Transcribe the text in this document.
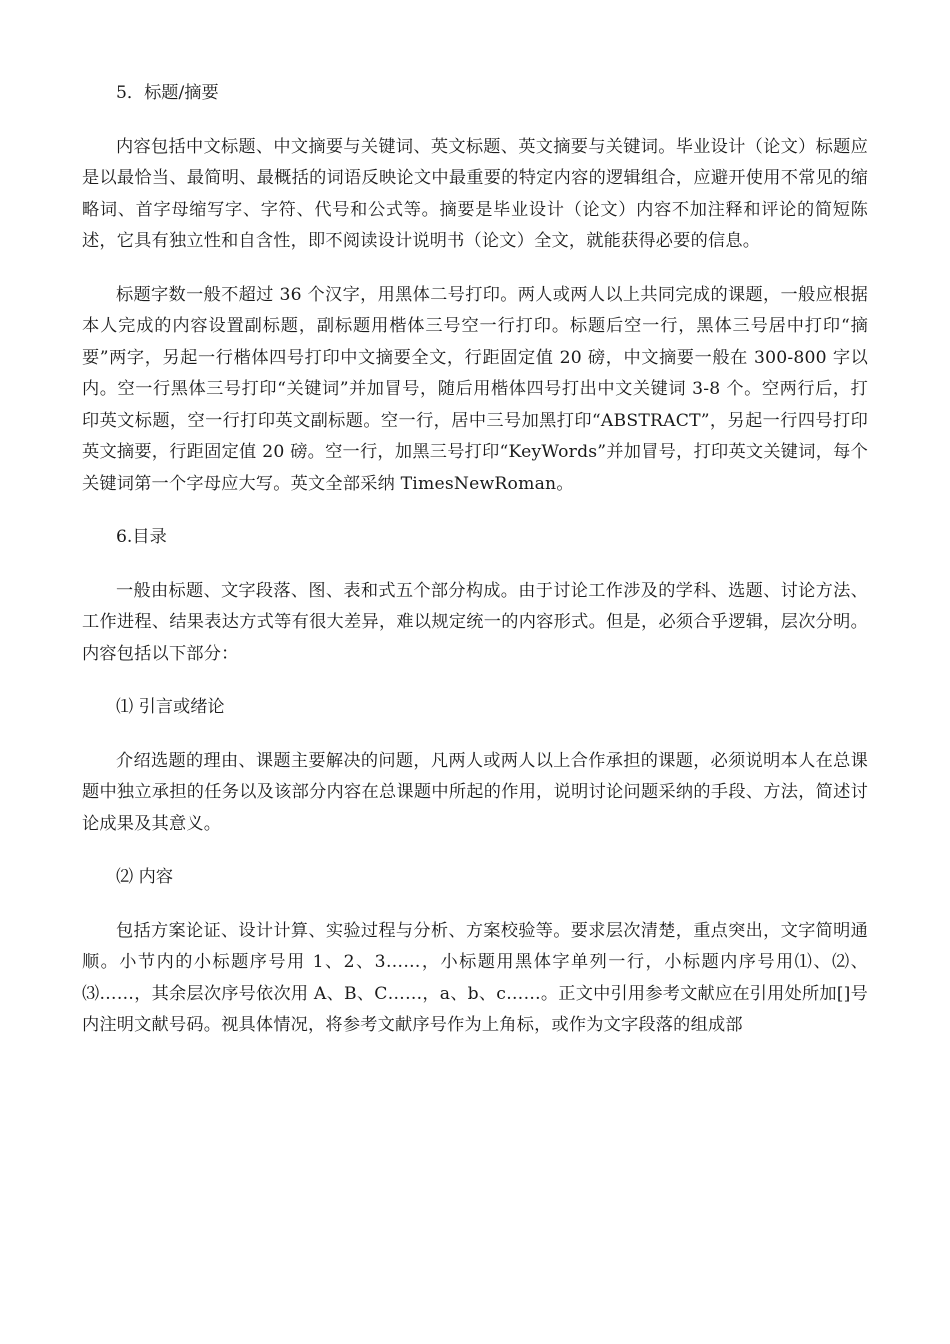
5．标题/摘要

内容包括中文标题、中文摘要与关键词、英文标题、英文摘要与关键词。毕业设计（论文）标题应是以最恰当、最简明、最概括的词语反映论文中最重要的特定内容的逻辑组合，应避开使用不常见的缩略词、首字母缩写字、字符、代号和公式等。摘要是毕业设计（论文）内容不加注释和评论的简短陈述，它具有独立性和自含性，即不阅读设计说明书（论文）全文，就能获得必要的信息。

标题字数一般不超过 36 个汉字，用黑体二号打印。两人或两人以上共同完成的课题，一般应根据本人完成的内容设置副标题，副标题用楷体三号空一行打印。标题后空一行，黑体三号居中打印“摘要”两字，另起一行楷体四号打印中文摘要全文，行距固定值 20 磅，中文摘要一般在 300-800 字以内。空一行黑体三号打印“关键词”并加冒号，随后用楷体四号打出中文关键词 3-8 个。空两行后，打印英文标题，空一行打印英文副标题。空一行，居中三号加黑打印“ABSTRACT”，另起一行四号打印英文摘要，行距固定值 20 磅。空一行，加黑三号打印“KeyWords”并加冒号，打印英文关键词，每个关键词第一个字母应大写。英文全部采纳 TimesNewRoman。

6.目录

一般由标题、文字段落、图、表和式五个部分构成。由于讨论工作涉及的学科、选题、讨论方法、工作进程、结果表达方式等有很大差异，难以规定统一的内容形式。但是，必须合乎逻辑，层次分明。内容包括以下部分：

⑴ 引言或绪论

介绍选题的理由、课题主要解决的问题，凡两人或两人以上合作承担的课题，必须说明本人在总课题中独立承担的任务以及该部分内容在总课题中所起的作用，说明讨论问题采纳的手段、方法，简述讨论成果及其意义。

⑵ 内容

包括方案论证、设计计算、实验过程与分析、方案校验等。要求层次清楚，重点突出，文字简明通顺。小节内的小标题序号用 1、2、3……，小标题用黑体字单列一行，小标题内序号用⑴、⑵、⑶……，其余层次序号依次用 A、B、C……，a、b、c……。正文中引用参考文献应在引用处所加[]号内注明文献号码。视具体情况，将参考文献序号作为上角标，或作为文字段落的组成部
